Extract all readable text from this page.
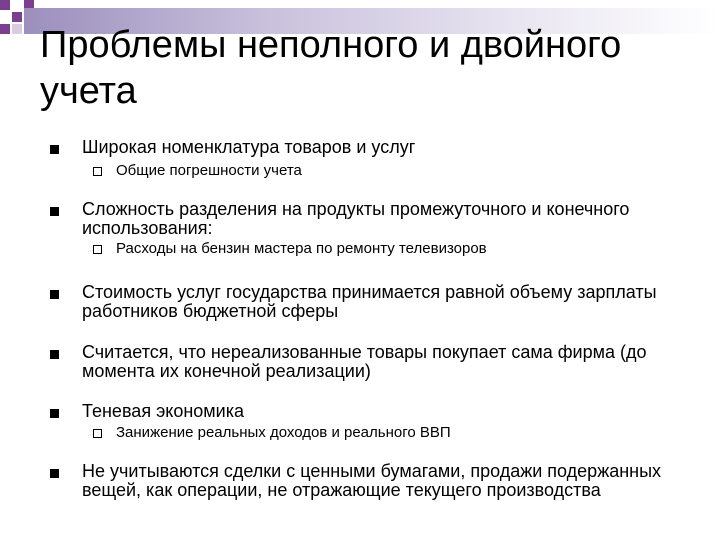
Проблемы неполного и двойного учета
Широкая номенклатура товаров и услуг
Общие погрешности учета
Сложность разделения на продукты промежуточного и конечного использования:
Расходы на бензин мастера по ремонту телевизоров
Стоимость услуг государства принимается равной объему зарплаты работников бюджетной сферы
Считается, что нереализованные товары покупает сама фирма (до момента их конечной реализации)
Теневая экономика
Занижение реальных доходов и реального ВВП
Не учитываются сделки с ценными бумагами, продажи подержанных вещей, как операции, не отражающие текущего производства
